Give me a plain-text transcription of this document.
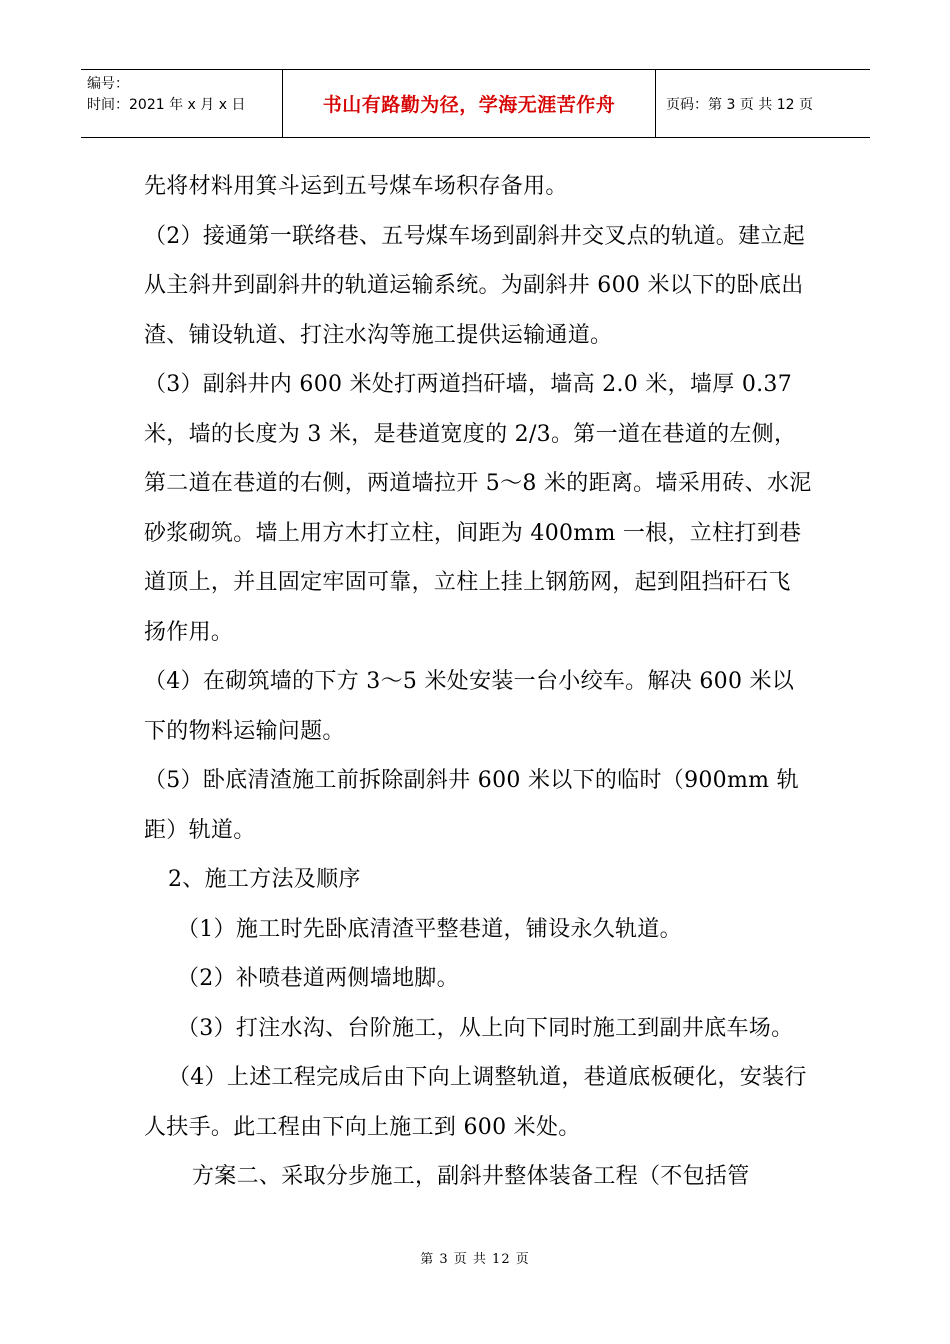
编号：
时间：2021 年 x 月 x 日	书山有路勤为径，学海无涯苦作舟	页码：第 3 页 共 12 页

先将材料用箕斗运到五号煤车场积存备用。

（2）接通第一联络巷、五号煤车场到副斜井交叉点的轨道。建立起从主斜井到副斜井的轨道运输系统。为副斜井 600 米以下的卧底出渣、铺设轨道、打注水沟等施工提供运输通道。

（3）副斜井内 600 米处打两道挡矸墙，墙高 2.0 米，墙厚 0.37 米，墙的长度为 3 米，是巷道宽度的 2/3。第一道在巷道的左侧，第二道在巷道的右侧，两道墙拉开 5～8 米的距离。墙采用砖、水泥砂浆砌筑。墙上用方木打立柱，间距为 400mm 一根，立柱打到巷道顶上，并且固定牢固可靠，立柱上挂上钢筋网，起到阻挡矸石飞扬作用。

（4）在砌筑墙的下方 3～5 米处安装一台小绞车。解决 600 米以下的物料运输问题。

（5）卧底清渣施工前拆除副斜井 600 米以下的临时（900mm 轨距）轨道。

2、施工方法及顺序

（1）施工时先卧底清渣平整巷道，铺设永久轨道。

（2）补喷巷道两侧墙地脚。

（3）打注水沟、台阶施工，从上向下同时施工到副井底车场。

（4）上述工程完成后由下向上调整轨道，巷道底板硬化，安装行人扶手。此工程由下向上施工到 600 米处。

方案二、采取分步施工，副斜井整体装备工程（不包括管

第 3 页 共 12 页
